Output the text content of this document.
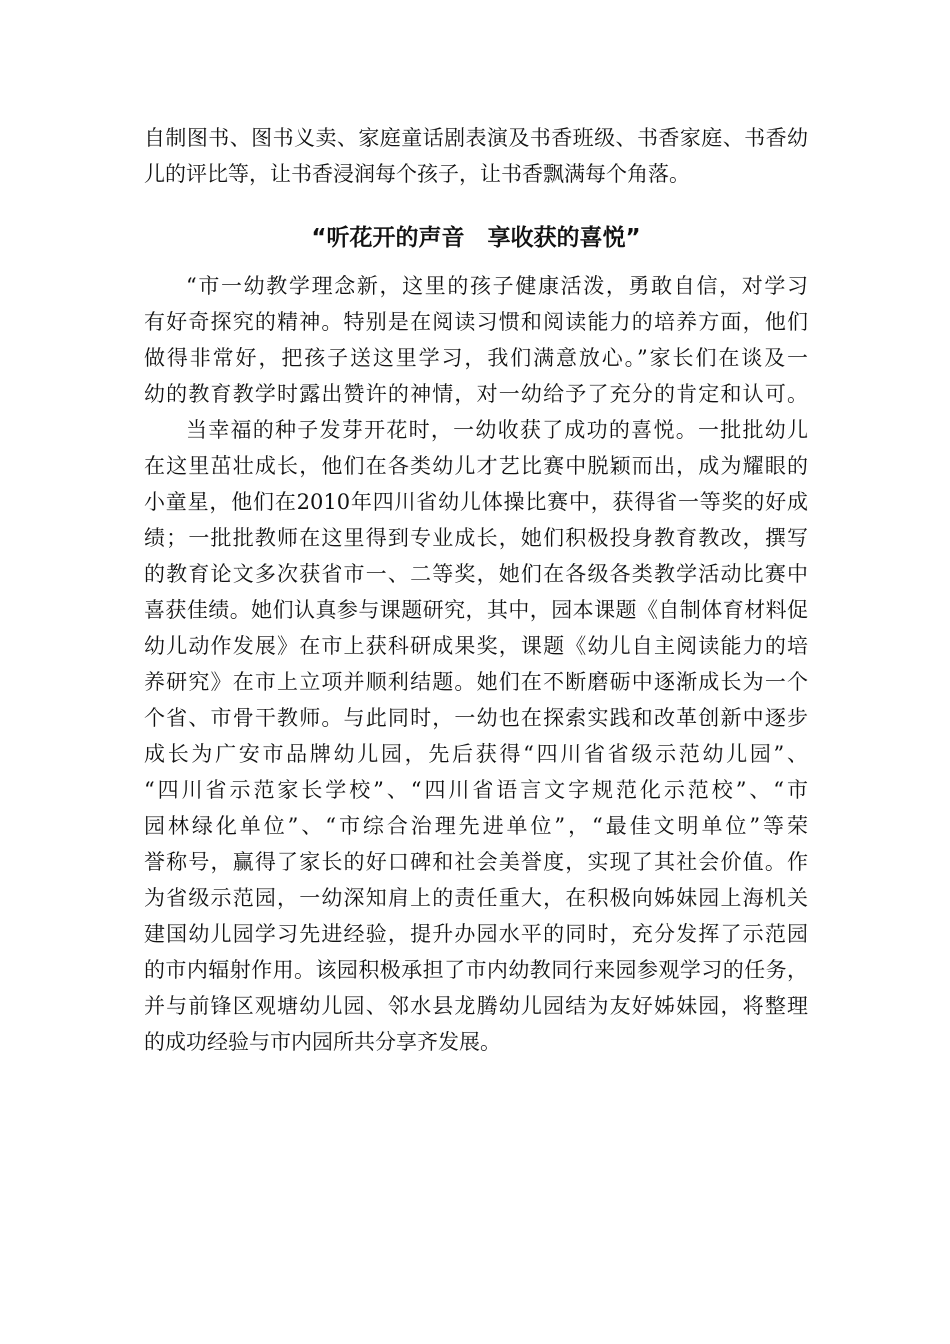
自制图书、图书义卖、家庭童话剧表演及书香班级、书香家庭、书香幼
儿的评比等，让书香浸润每个孩子，让书香飘满每个角落。
“听花开的声音　享收获的喜悦”
“市一幼教学理念新，这里的孩子健康活泼，勇敢自信，对学习
有好奇探究的精神。特别是在阅读习惯和阅读能力的培养方面，他们
做得非常好，把孩子送这里学习，我们满意放心。”家长们在谈及一
幼的教育教学时露出赞许的神情，对一幼给予了充分的肯定和认可。
当幸福的种子发芽开花时，一幼收获了成功的喜悦。一批批幼儿
在这里茁壮成长，他们在各类幼儿才艺比赛中脱颖而出，成为耀眼的
小童星，他们在2010年四川省幼儿体操比赛中，获得省一等奖的好成
绩；一批批教师在这里得到专业成长，她们积极投身教育教改，撰写
的教育论文多次获省市一、二等奖，她们在各级各类教学活动比赛中
喜获佳绩。她们认真参与课题研究，其中，园本课题《自制体育材料促
幼儿动作发展》在市上获科研成果奖，课题《幼儿自主阅读能力的培
养研究》在市上立项并顺利结题。她们在不断磨砺中逐渐成长为一个
个省、市骨干教师。与此同时，一幼也在探索实践和改革创新中逐步
成长为广安市品牌幼儿园，先后获得“四川省省级示范幼儿园”、
“四川省示范家长学校”、“四川省语言文字规范化示范校”、“市
园林绿化单位”、“市综合治理先进单位”，“最佳文明单位”等荣
誉称号，赢得了家长的好口碑和社会美誉度，实现了其社会价值。作
为省级示范园，一幼深知肩上的责任重大，在积极向姊妹园上海机关
建国幼儿园学习先进经验，提升办园水平的同时，充分发挥了示范园
的市内辐射作用。该园积极承担了市内幼教同行来园参观学习的任务，
并与前锋区观塘幼儿园、邻水县龙腾幼儿园结为友好姊妹园，将整理
的成功经验与市内园所共分享齐发展。
